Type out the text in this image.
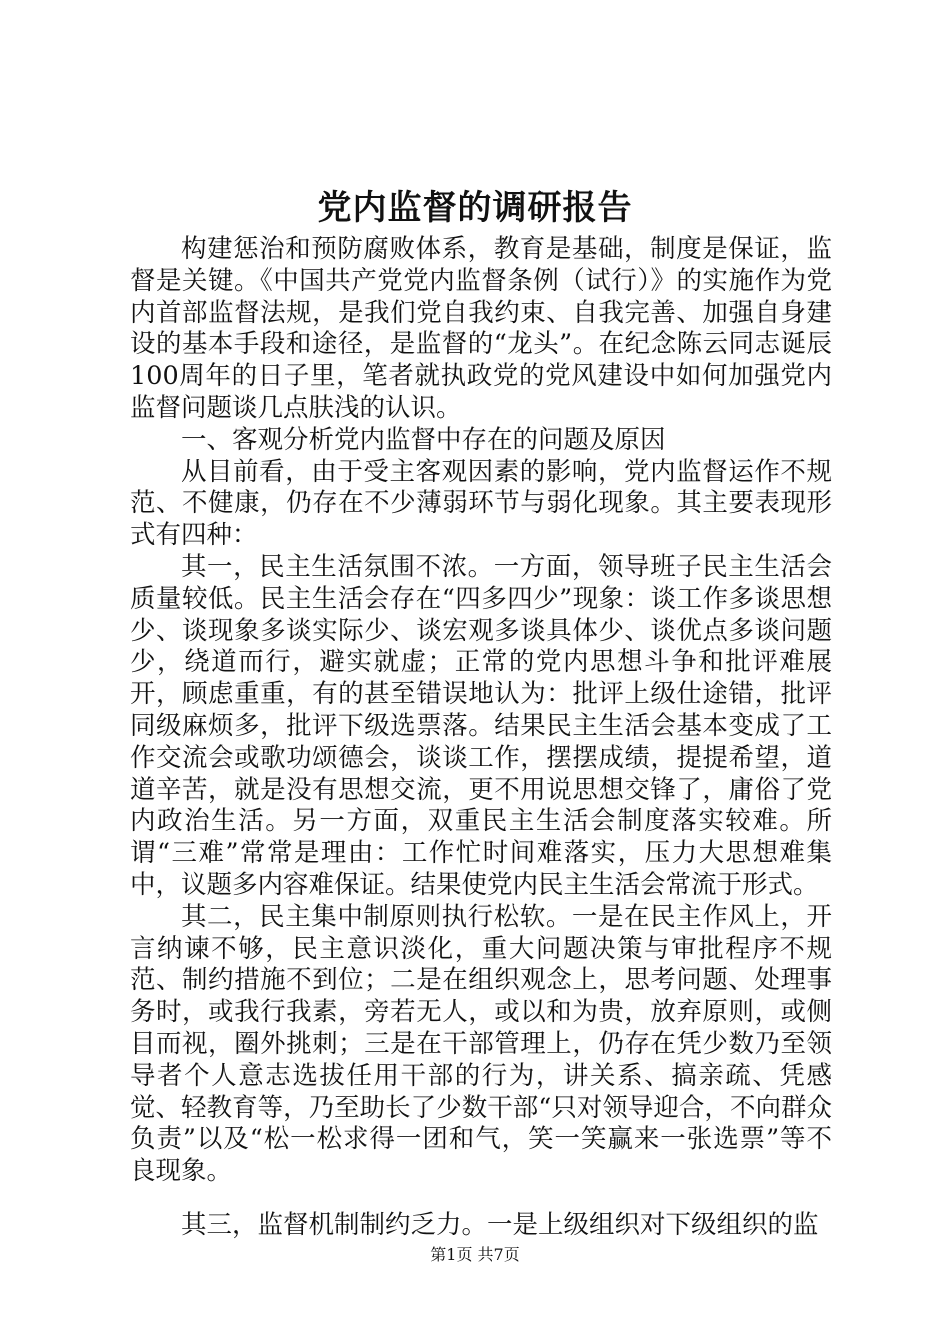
党内监督的调研报告

构建惩治和预防腐败体系，教育是基础，制度是保证，监督是关键。《中国共产党党内监督条例（试行）》的实施作为党内首部监督法规，是我们党自我约束、自我完善、加强自身建设的基本手段和途径，是监督的“龙头”。在纪念陈云同志诞辰100周年的日子里，笔者就执政党的党风建设中如何加强党内监督问题谈几点肤浅的认识。

一、客观分析党内监督中存在的问题及原因

从目前看，由于受主客观因素的影响，党内监督运作不规范、不健康，仍存在不少薄弱环节与弱化现象。其主要表现形式有四种：

其一，民主生活氛围不浓。一方面，领导班子民主生活会质量较低。民主生活会存在“四多四少”现象：谈工作多谈思想少、谈现象多谈实际少、谈宏观多谈具体少、谈优点多谈问题少，绕道而行，避实就虚；正常的党内思想斗争和批评难展开，顾虑重重，有的甚至错误地认为：批评上级仕途错，批评同级麻烦多，批评下级选票落。结果民主生活会基本变成了工作交流会或歌功颂德会，谈谈工作，摆摆成绩，提提希望，道道辛苦，就是没有思想交流，更不用说思想交锋了，庸俗了党内政治生活。另一方面，双重民主生活会制度落实较难。所谓“三难”常常是理由：工作忙时间难落实，压力大思想难集中，议题多内容难保证。结果使党内民主生活会常流于形式。

其二，民主集中制原则执行松软。一是在民主作风上，开言纳谏不够，民主意识淡化，重大问题决策与审批程序不规范、制约措施不到位；二是在组织观念上，思考问题、处理事务时，或我行我素，旁若无人，或以和为贵，放弃原则，或侧目而视，圈外挑刺；三是在干部管理上，仍存在凭少数乃至领导者个人意志选拔任用干部的行为，讲关系、搞亲疏、凭感觉、轻教育等，乃至助长了少数干部“只对领导迎合，不向群众负责”以及“松一松求得一团和气，笑一笑赢来一张选票”等不良现象。

其三，监督机制制约乏力。一是上级组织对下级组织的监

第1页 共7页
